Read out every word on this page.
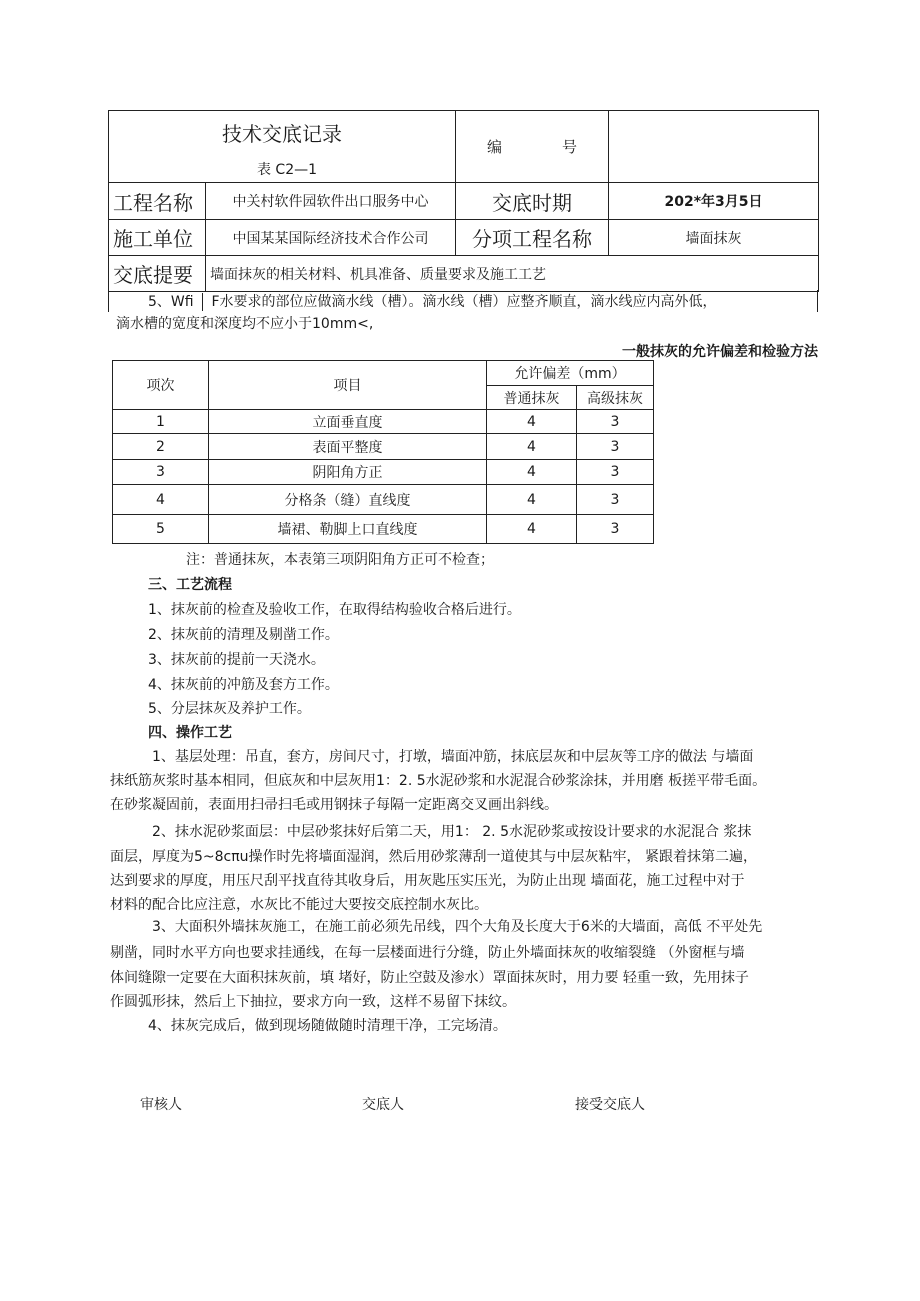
技术交底记录
表 C2—1		编　　　　号	
工程名称	中关村软件园软件出口服务中心	交底时期	202*年3月5日
施工单位	中国某某国际经济技术合作公司	分项工程名称	墙面抹灰
交底提要	墙面抹灰的相关材料、机具准备、质量要求及施工工艺		
5、Wfi F水要求的部位应做滴水线（槽）。滴水线（槽）应整齐顺直，滴水线应内高外低，
滴水槽的宽度和深度均不应小于10mm<,
一般抹灰的允许偏差和检验方法
项次	项目	允许偏差（mm）	
		普通抹灰	高级抹灰
1	立面垂直度	4	3
2	表面平整度	4	3
3	阴阳角方正	4	3
4	分格条（缝）直线度	4	3
5	墙裙、勒脚上口直线度	4	3
注：普通抹灰，本表第三项阴阳角方正可不检查；
三、工艺流程
1、抹灰前的检查及验收工作，在取得结构验收合格后进行。
2、抹灰前的清理及剔凿工作。
3、抹灰前的提前一天浇水。
4、抹灰前的冲筋及套方工作。
5、分层抹灰及养护工作。
四、操作工艺
1、基层处理：吊直，套方，房间尺寸，打墩，墙面冲筋，抹底层灰和中层灰等工序的做法 与墙面
抹纸筋灰浆时基本相同，但底灰和中层灰用1：2. 5水泥砂浆和水泥混合砂浆涂抹，并用磨 板搓平带毛面。
在砂浆凝固前，表面用扫帚扫毛或用钢抹子每隔一定距离交叉画出斜线。
2、抹水泥砂浆面层：中层砂浆抹好后第二天，用1： 2. 5水泥砂浆或按设计要求的水泥混合 浆抹
面层，厚度为5~8cπu操作时先将墙面湿润，然后用砂浆薄刮一道使其与中层灰粘牢， 紧跟着抹第二遍，
达到要求的厚度，用压尺刮平找直待其收身后，用灰匙压实压光，为防止出现 墙面花，施工过程中对于
材料的配合比应注意，水灰比不能过大要按交底控制水灰比。
3、大面积外墙抹灰施工，在施工前必须先吊线，四个大角及长度大于6米的大墙面，高低 不平处先
剔凿，同时水平方向也要求挂通线，在每一层楼面进行分缝，防止外墙面抹灰的收缩裂缝 （外窗框与墙
体间缝隙一定要在大面积抹灰前，填 堵好，防止空鼓及渗水）罩面抹灰时，用力要 轻重一致，先用抹子
作圆弧形抹，然后上下抽拉，要求方向一致，这样不易留下抹纹。
4、抹灰完成后，做到现场随做随时清理干净，工完场清。
审核人	交底人	接受交底人
